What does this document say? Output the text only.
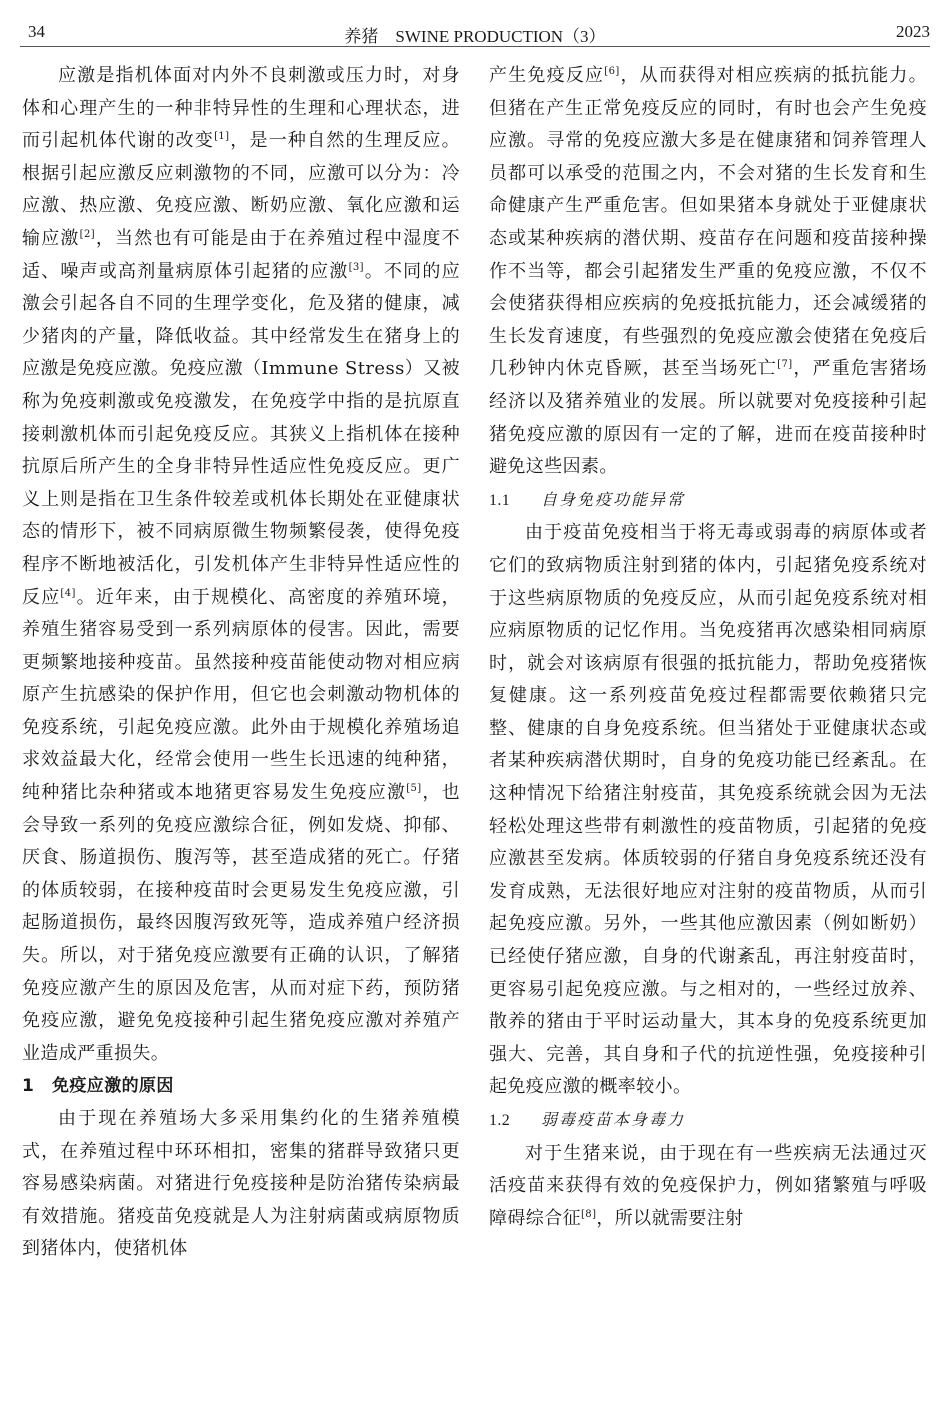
34	养猪　SWINE PRODUCTION（3）	2023

应激是指机体面对内外不良刺激或压力时，对身体和心理产生的一种非特异性的生理和心理状态，进而引起机体代谢的改变[1]，是一种自然的生理反应。根据引起应激反应刺激物的不同，应激可以分为：冷应激、热应激、免疫应激、断奶应激、氧化应激和运输应激[2]，当然也有可能是由于在养殖过程中湿度不适、噪声或高剂量病原体引起猪的应激[3]。不同的应激会引起各自不同的生理学变化，危及猪的健康，减少猪肉的产量，降低收益。其中经常发生在猪身上的应激是免疫应激。免疫应激（Immune Stress）又被称为免疫刺激或免疫激发，在免疫学中指的是抗原直接刺激机体而引起免疫反应。其狭义上指机体在接种抗原后所产生的全身非特异性适应性免疫反应。更广义上则是指在卫生条件较差或机体长期处在亚健康状态的情形下，被不同病原微生物频繁侵袭，使得免疫程序不断地被活化，引发机体产生非特异性适应性的反应[4]。近年来，由于规模化、高密度的养殖环境，养殖生猪容易受到一系列病原体的侵害。因此，需要更频繁地接种疫苗。虽然接种疫苗能使动物对相应病原产生抗感染的保护作用，但它也会刺激动物机体的免疫系统，引起免疫应激。此外由于规模化养殖场追求效益最大化，经常会使用一些生长迅速的纯种猪，纯种猪比杂种猪或本地猪更容易发生免疫应激[5]，也会导致一系列的免疫应激综合征，例如发烧、抑郁、厌食、肠道损伤、腹泻等，甚至造成猪的死亡。仔猪的体质较弱，在接种疫苗时会更易发生免疫应激，引起肠道损伤，最终因腹泻致死等，造成养殖户经济损失。所以，对于猪免疫应激要有正确的认识，了解猪免疫应激产生的原因及危害，从而对症下药，预防猪免疫应激，避免免疫接种引起生猪免疫应激对养殖产业造成严重损失。

1 免疫应激的原因

由于现在养殖场大多采用集约化的生猪养殖模式，在养殖过程中环环相扣，密集的猪群导致猪只更容易感染病菌。对猪进行免疫接种是防治猪传染病最有效措施。猪疫苗免疫就是人为注射病菌或病原物质到猪体内，使猪机体

产生免疫反应[6]，从而获得对相应疾病的抵抗能力。但猪在产生正常免疫反应的同时，有时也会产生免疫应激。寻常的免疫应激大多是在健康猪和饲养管理人员都可以承受的范围之内，不会对猪的生长发育和生命健康产生严重危害。但如果猪本身就处于亚健康状态或某种疾病的潜伏期、疫苗存在问题和疫苗接种操作不当等，都会引起猪发生严重的免疫应激，不仅不会使猪获得相应疾病的免疫抵抗能力，还会减缓猪的生长发育速度，有些强烈的免疫应激会使猪在免疫后几秒钟内休克昏厥，甚至当场死亡[7]，严重危害猪场经济以及猪养殖业的发展。所以就要对免疫接种引起猪免疫应激的原因有一定的了解，进而在疫苗接种时避免这些因素。

1.1 自身免疫功能异常

由于疫苗免疫相当于将无毒或弱毒的病原体或者它们的致病物质注射到猪的体内，引起猪免疫系统对于这些病原物质的免疫反应，从而引起免疫系统对相应病原物质的记忆作用。当免疫猪再次感染相同病原时，就会对该病原有很强的抵抗能力，帮助免疫猪恢复健康。这一系列疫苗免疫过程都需要依赖猪只完整、健康的自身免疫系统。但当猪处于亚健康状态或者某种疾病潜伏期时，自身的免疫功能已经紊乱。在这种情况下给猪注射疫苗，其免疫系统就会因为无法轻松处理这些带有刺激性的疫苗物质，引起猪的免疫应激甚至发病。体质较弱的仔猪自身免疫系统还没有发育成熟，无法很好地应对注射的疫苗物质，从而引起免疫应激。另外，一些其他应激因素（例如断奶）已经使仔猪应激，自身的代谢紊乱，再注射疫苗时，更容易引起免疫应激。与之相对的，一些经过放养、散养的猪由于平时运动量大，其本身的免疫系统更加强大、完善，其自身和子代的抗逆性强，免疫接种引起免疫应激的概率较小。

1.2 弱毒疫苗本身毒力

对于生猪来说，由于现在有一些疾病无法通过灭活疫苗来获得有效的免疫保护力，例如猪繁殖与呼吸障碍综合征[8]，所以就需要注射
